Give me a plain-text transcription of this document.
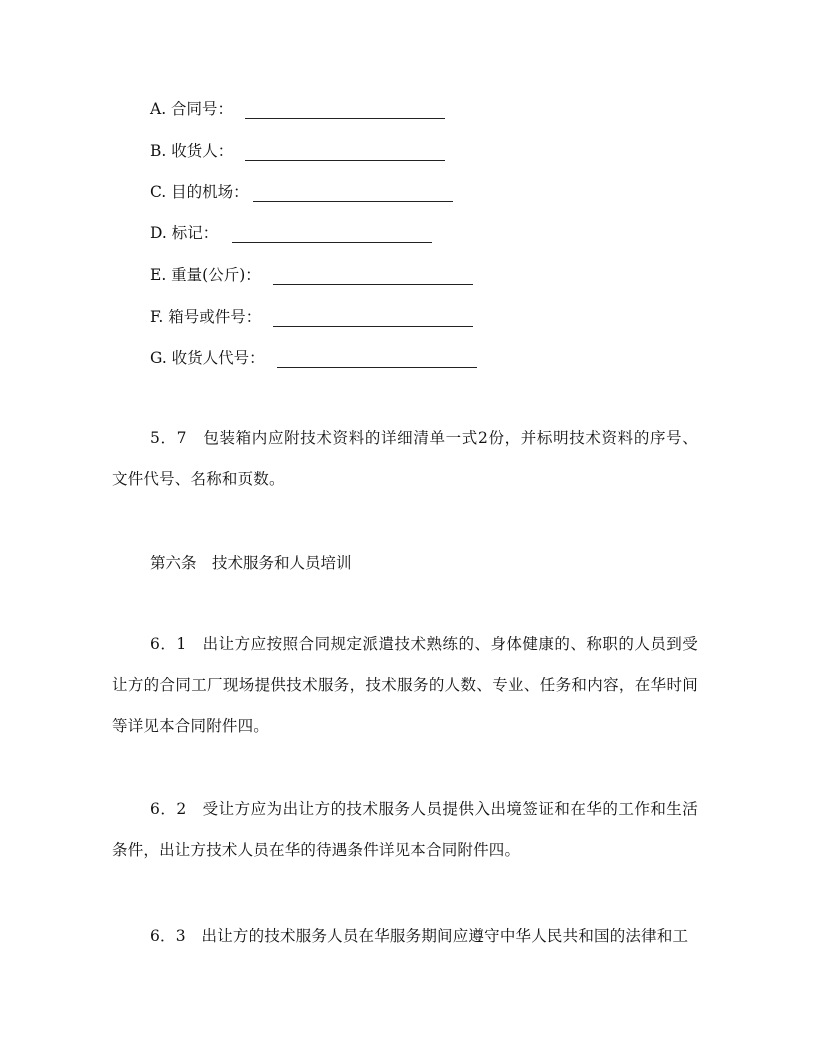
A. 合同号：
B. 收货人：
C. 目的机场：
D. 标记：
E. 重量(公斤)：
F. 箱号或件号：
G. 收货人代号：

5．7　包装箱内应附技术资料的详细清单一式2份，并标明技术资料的序号、文件代号、名称和页数。

第六条　技术服务和人员培训

6．1　出让方应按照合同规定派遣技术熟练的、身体健康的、称职的人员到受让方的合同工厂现场提供技术服务，技术服务的人数、专业、任务和内容，在华时间等详见本合同附件四。

6．2　受让方应为出让方的技术服务人员提供入出境签证和在华的工作和生活条件，出让方技术人员在华的待遇条件详见本合同附件四。

6．3　出让方的技术服务人员在华服务期间应遵守中华人民共和国的法律和工
